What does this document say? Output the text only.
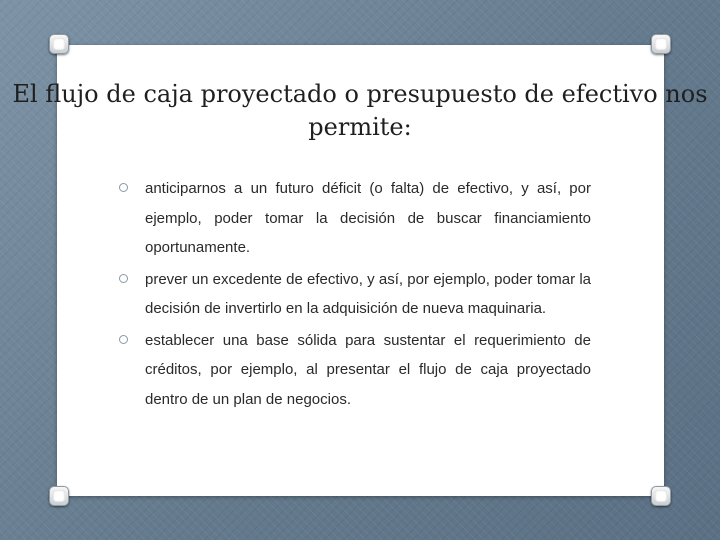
El flujo de caja proyectado o presupuesto de efectivo nos permite:
anticiparnos a un futuro déficit (o falta) de efectivo, y así, por ejemplo, poder tomar la decisión de buscar financiamiento oportunamente.
prever un excedente de efectivo, y así, por ejemplo, poder tomar la decisión de invertirlo en la adquisición de nueva maquinaria.
establecer una base sólida para sustentar el requerimiento de créditos, por ejemplo, al presentar el flujo de caja proyectado dentro de un plan de negocios.
